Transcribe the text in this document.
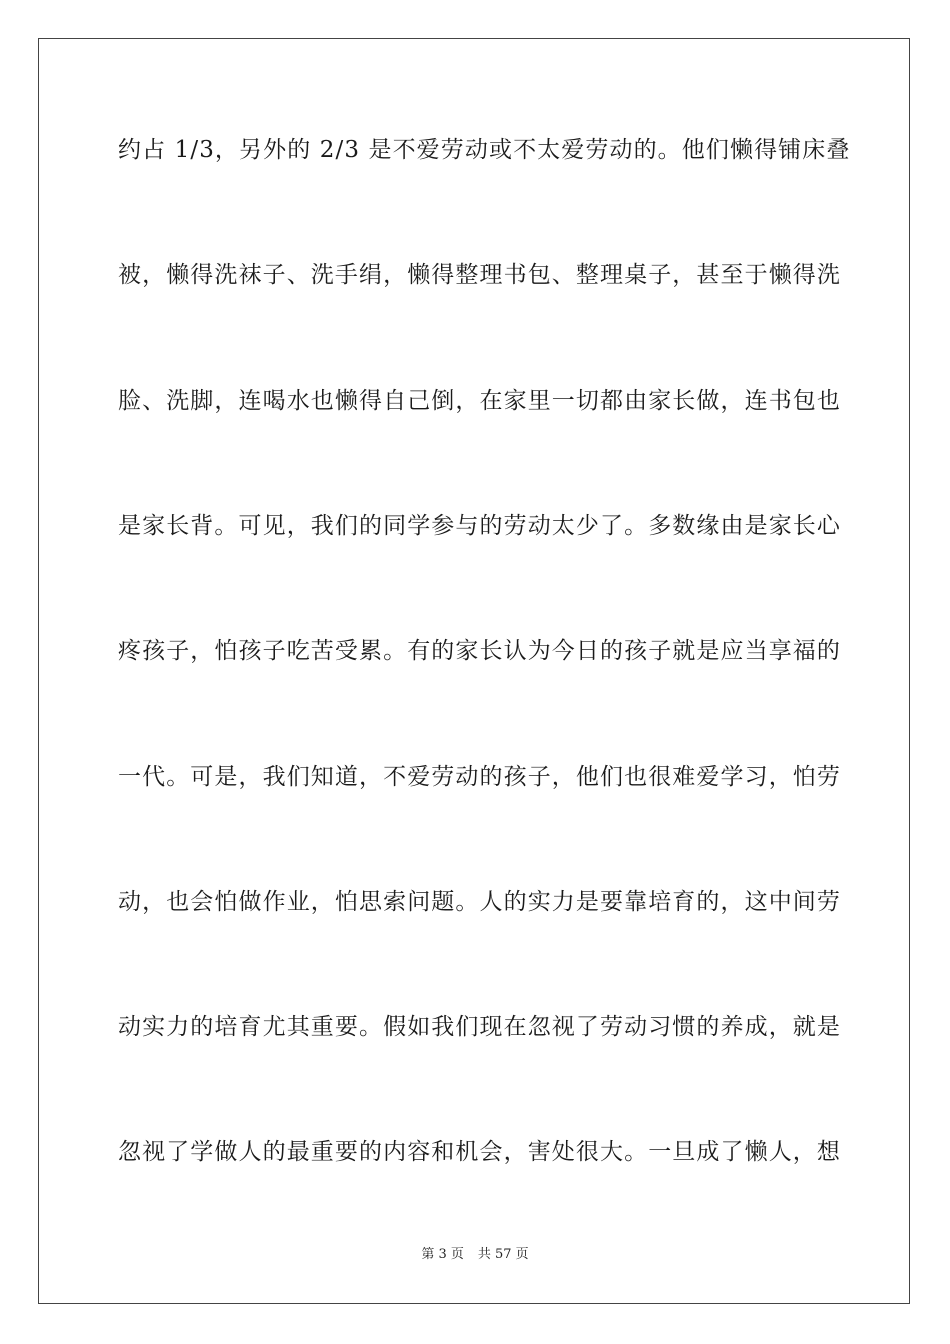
约占 1/3，另外的 2/3 是不爱劳动或不太爱劳动的。他们懒得铺床叠
被，懒得洗袜子、洗手绢，懒得整理书包、整理桌子，甚至于懒得洗
脸、洗脚，连喝水也懒得自己倒，在家里一切都由家长做，连书包也
是家长背。可见，我们的同学参与的劳动太少了。多数缘由是家长心
疼孩子，怕孩子吃苦受累。有的家长认为今日的孩子就是应当享福的
一代。可是，我们知道，不爱劳动的孩子，他们也很难爱学习，怕劳
动，也会怕做作业，怕思索问题。人的实力是要靠培育的，这中间劳
动实力的培育尤其重要。假如我们现在忽视了劳动习惯的养成，就是
忽视了学做人的最重要的内容和机会，害处很大。一旦成了懒人，想
第 3 页 共 57 页
